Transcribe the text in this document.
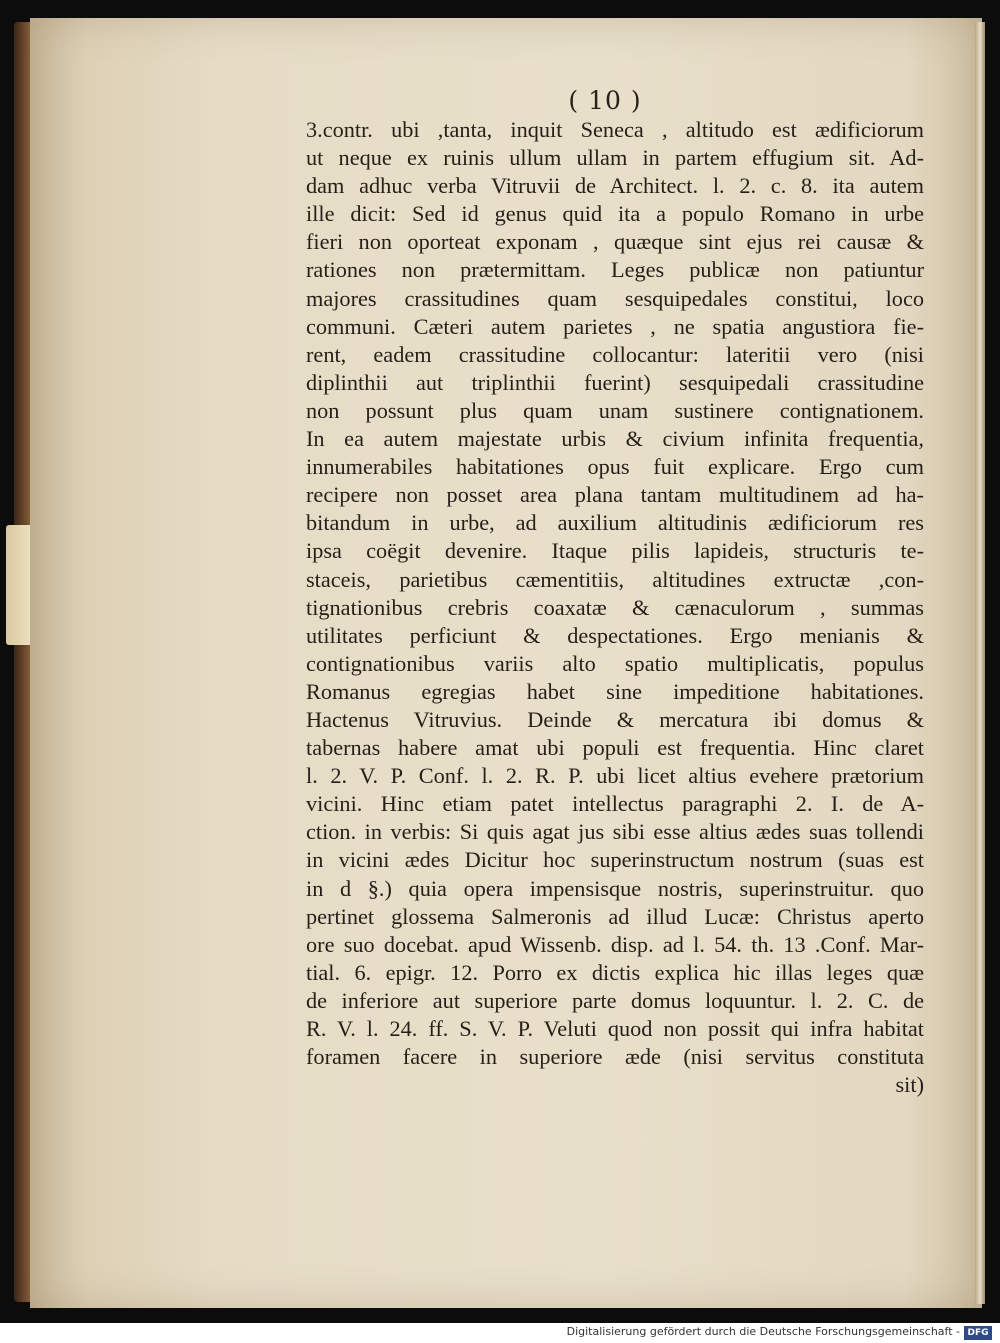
( 10 )
3.contr. ubi ,tanta, inquit Seneca , altitudo est ædificiorum
ut neque ex ruinis ullum ullam in partem effugium sit. Ad-
dam adhuc verba Vitruvii de Architect. l. 2. c. 8. ita autem
ille dicit: Sed id genus quid ita a populo Romano in urbe
fieri non oporteat exponam , quæque sint ejus rei causæ &
rationes non prætermittam. Leges publicæ non patiuntur
majores crassitudines quam sesquipedales constitui, loco
communi. Cæteri autem parietes , ne spatia angustiora fie-
rent, eadem crassitudine collocantur: lateritii vero (nisi
diplinthii aut triplinthii fuerint) sesquipedali crassitudine
non possunt plus quam unam sustinere contignationem.
In ea autem majestate urbis & civium infinita frequentia,
innumerabiles habitationes opus fuit explicare. Ergo cum
recipere non posset area plana tantam multitudinem ad ha-
bitandum in urbe, ad auxilium altitudinis ædificiorum res
ipsa coëgit devenire. Itaque pilis lapideis, structuris te-
staceis, parietibus cæmentitiis, altitudines extructæ ,con-
tignationibus crebris coaxatæ & cænaculorum , summas
utilitates perficiunt & despectationes. Ergo menianis &
contignationibus variis alto spatio multiplicatis, populus
Romanus egregias habet sine impeditione habitationes.
Hactenus Vitruvius. Deinde & mercatura ibi domus &
tabernas habere amat ubi populi est frequentia. Hinc claret
l. 2. V. P. Conf. l. 2. R. P. ubi licet altius evehere prætorium
vicini. Hinc etiam patet intellectus paragraphi 2. I. de A-
ction. in verbis: Si quis agat jus sibi esse altius ædes suas tollendi
in vicini ædes Dicitur hoc superinstructum nostrum (suas est
in d §.) quia opera impensisque nostris, superinstruitur. quo
pertinet glossema Salmeronis ad illud Lucæ: Christus aperto
ore suo docebat. apud Wissenb. disp. ad l. 54. th. 13 .Conf. Mar-
tial. 6. epigr. 12. Porro ex dictis explica hic illas leges quæ
de inferiore aut superiore parte domus loquuntur. l. 2. C. de
R. V. l. 24. ff. S. V. P. Veluti quod non possit qui infra habitat
foramen facere in superiore æde (nisi servitus constituta
sit)
Digitalisierung gefördert durch die Deutsche Forschungsgemeinschaft - DFG
